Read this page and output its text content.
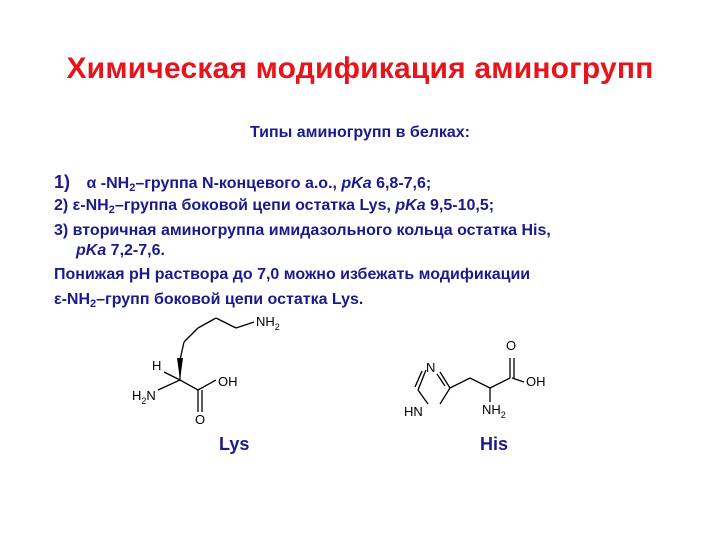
Химическая модификация аминогрупп
Типы аминогрупп в белках:
1) α $-NH_2$–группа N-концевого а.о., pKa 6,8-7,6;
2) $\varepsilon-NH_2$–группа боковой цепи остатка Lys, pKa 9,5-10,5;
3) вторичная аминогруппа имидазольного кольца остатка His,
pKa 7,2-7,6.
Понижая pH раствора до 7,0 можно избежать модификации
$\varepsilon-NH_2$–групп боковой цепи остатка Lys.
$NH_2$
H
$H_2N$
OH
O
Lys
N
HN	$NH_2$
O
OH
His
